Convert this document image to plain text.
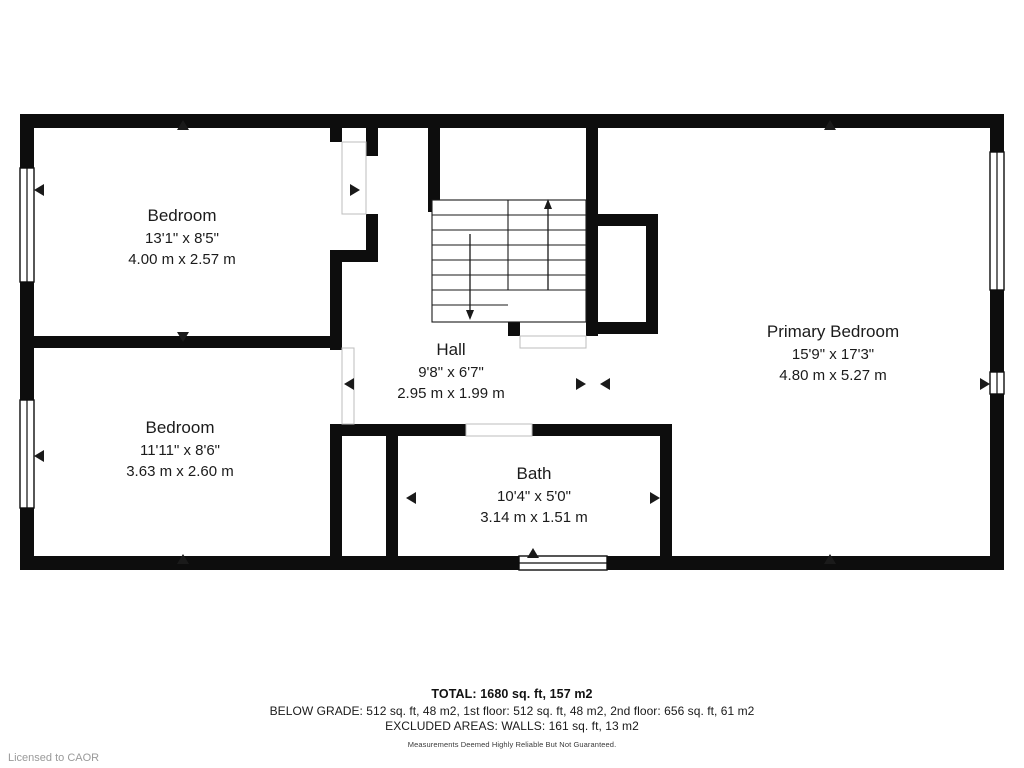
Bedroom
13'1" x 8'5"
4.00 m x 2.57 m
Bedroom
11'11" x 8'6"
3.63 m x 2.60 m
Hall
9'8" x 6'7"
2.95 m x 1.99 m
Bath
10'4" x 5'0"
3.14 m x 1.51 m
Primary Bedroom
15'9" x 17'3"
4.80 m x 5.27 m
TOTAL: 1680 sq. ft, 157 m2
BELOW GRADE: 512 sq. ft, 48 m2, 1st floor: 512 sq. ft, 48 m2, 2nd floor: 656 sq. ft, 61 m2
EXCLUDED AREAS: WALLS: 161 sq. ft, 13 m2
Measurements Deemed Highly Reliable But Not Guaranteed.
Licensed to CAOR
